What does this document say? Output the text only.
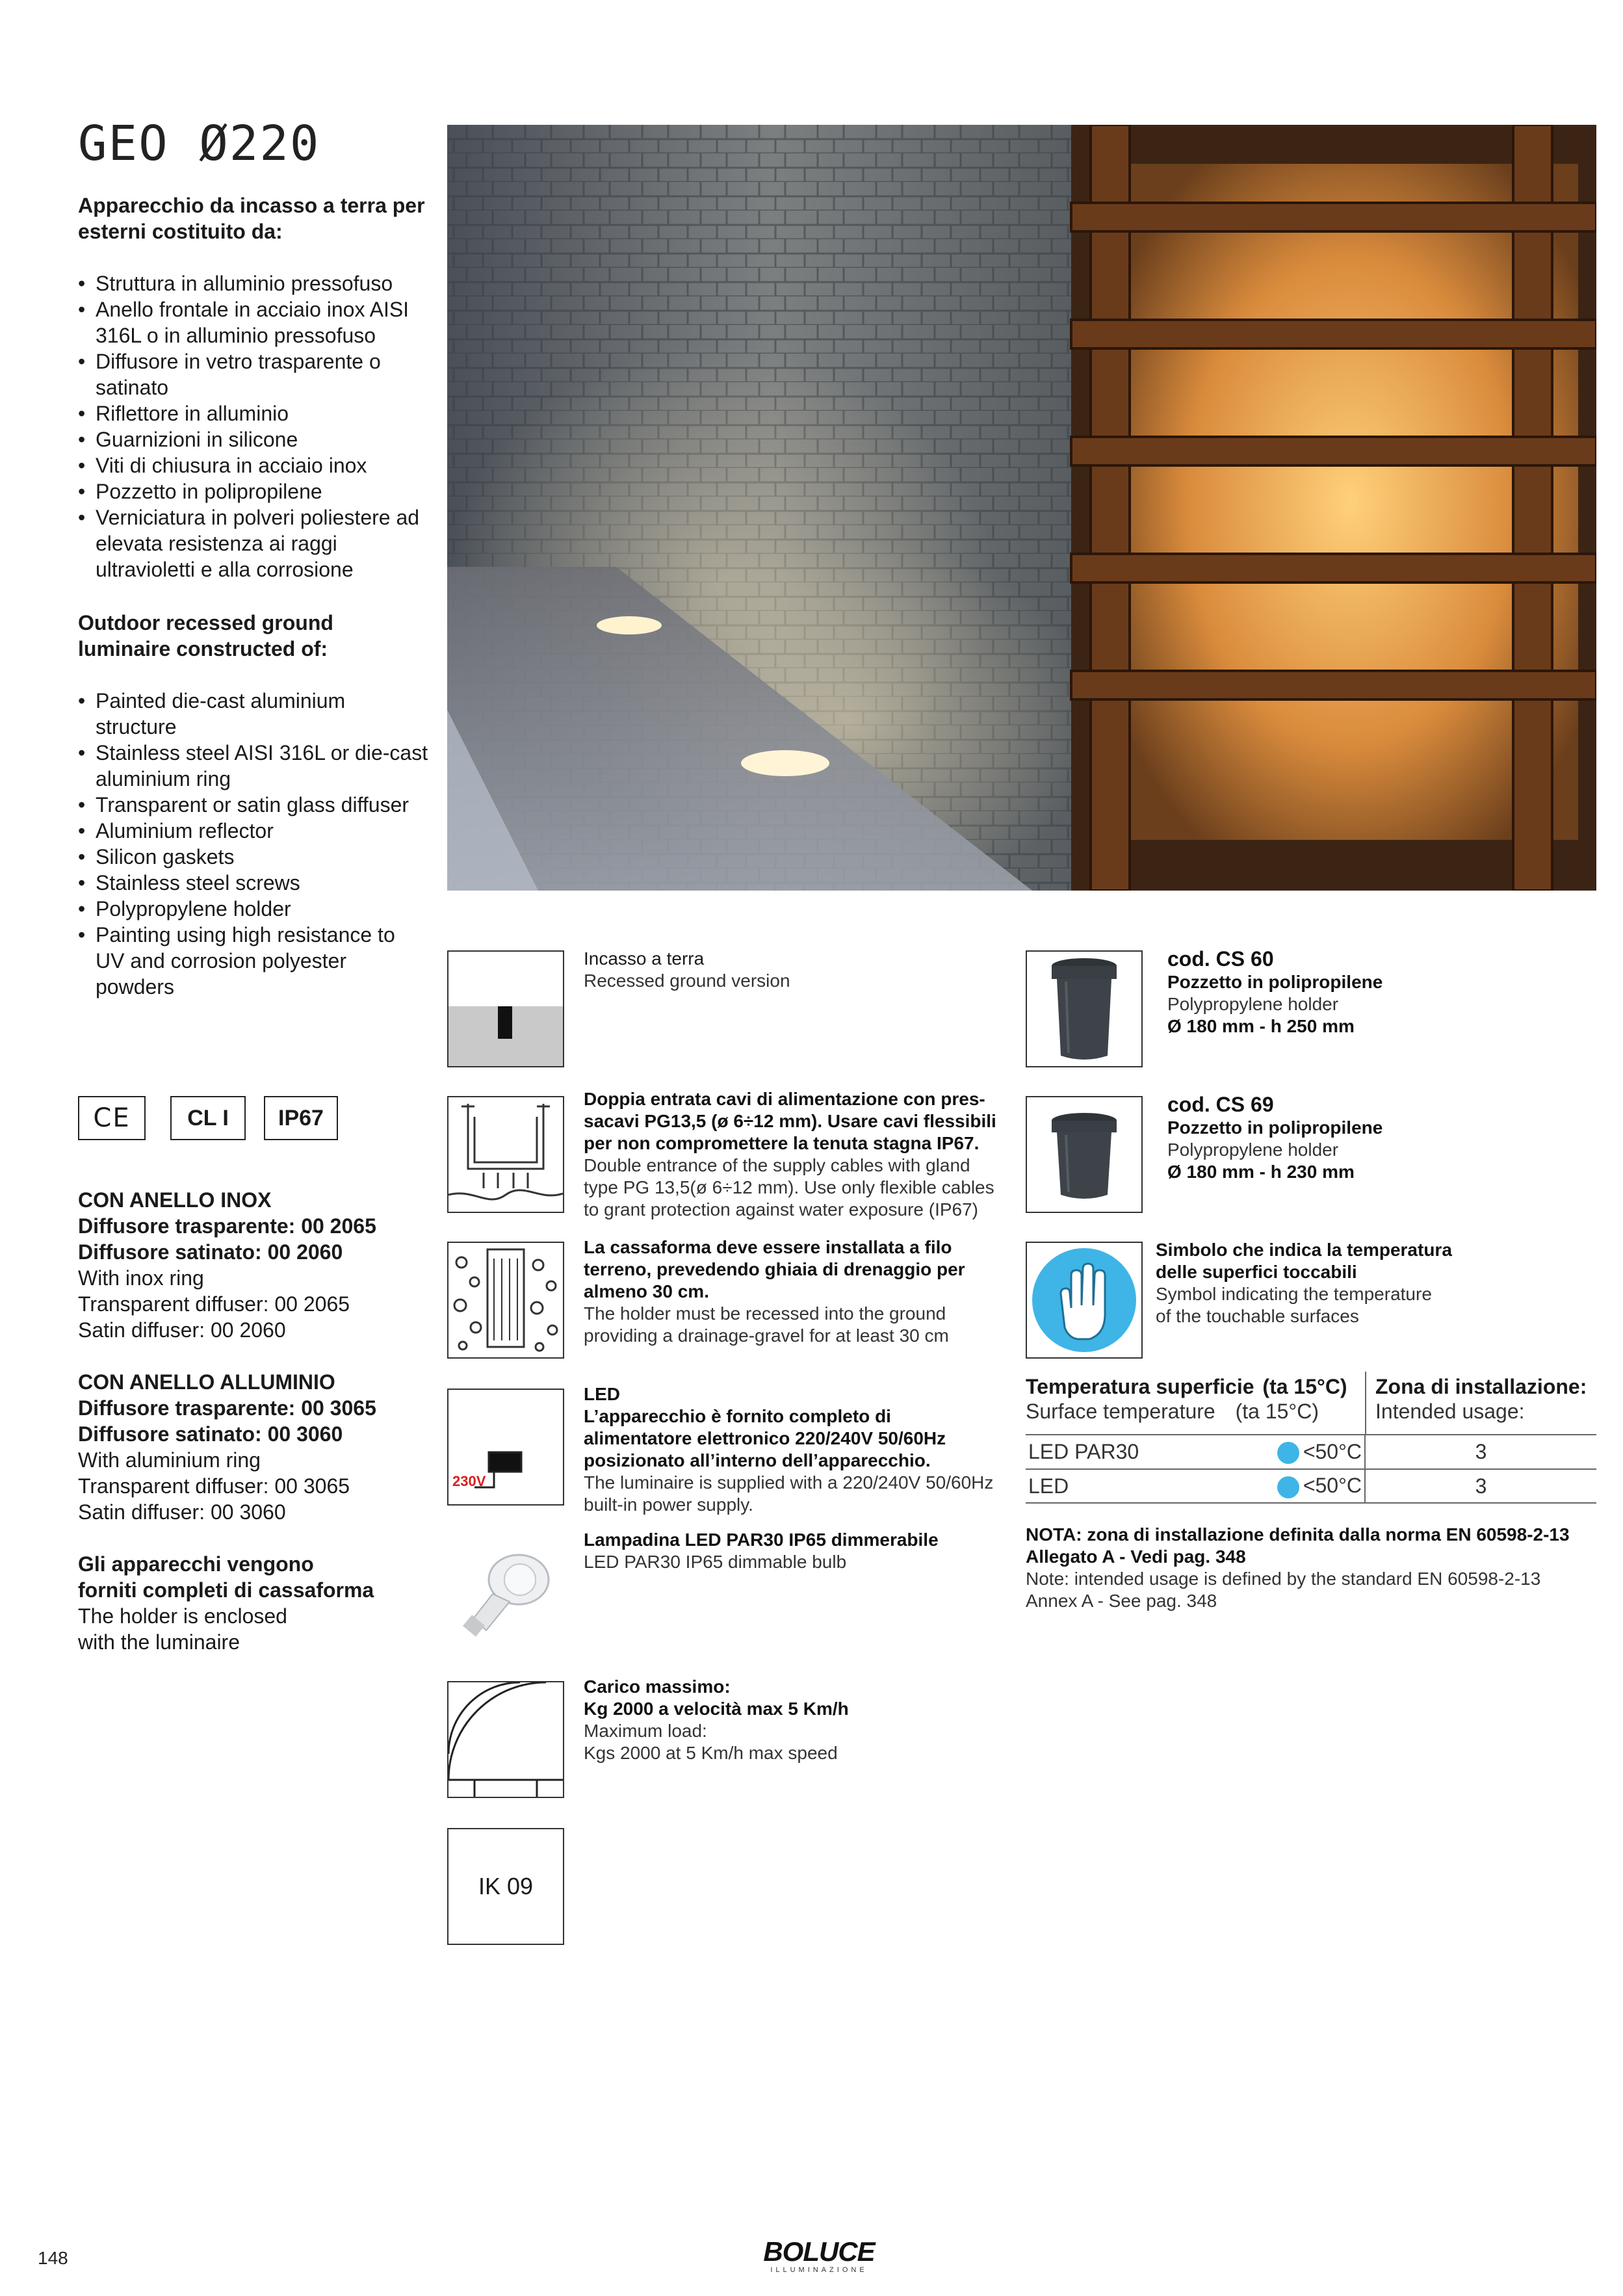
GEO Ø220
Apparecchio da incasso a terra per esterni costituito da:
• Struttura in alluminio pressofuso
• Anello frontale in acciaio inox AISI 316L o in alluminio pressofuso
• Diffusore in vetro trasparente o satinato
• Riflettore in alluminio
• Guarnizioni in silicone
• Viti di chiusura in acciaio inox
• Pozzetto in polipropilene
• Verniciatura in polveri poliestere ad elevata resistenza ai raggi ultravioletti e alla corrosione
Outdoor recessed ground luminaire constructed of:
• Painted die-cast aluminium structure
• Stainless steel AISI 316L or die-cast aluminium ring
• Transparent or satin glass diffuser
• Aluminium reflector
• Silicon gaskets
• Stainless steel screws
• Polypropylene holder
• Painting using high resistance to UV and corrosion polyester powders
CE	CL I	IP67
CON ANELLO INOX
Diffusore trasparente: 00 2065
Diffusore satinato: 00 2060
With inox ring
Transparent diffuser: 00 2065
Satin diffuser: 00 2060
CON ANELLO ALLUMINIO
Diffusore trasparente: 00 3065
Diffusore satinato: 00 3060
With aluminium ring
Transparent diffuser: 00 3065
Satin diffuser: 00 3060
Gli apparecchi vengono
forniti completi di cassaforma
The holder is enclosed
with the luminaire
Incasso a terra
Recessed ground version
Doppia entrata cavi di alimentazione con pres-
sacavi PG13,5 (ø 6÷12 mm). Usare cavi flessibili
per non compromettere la tenuta stagna IP67.
Double entrance of the supply cables with gland
type PG 13,5(ø 6÷12 mm). Use only flexible cables
to grant protection against water exposure (IP67)
La cassaforma deve essere installata a filo
terreno, prevedendo ghiaia di drenaggio per
almeno 30 cm.
The holder must be recessed into the ground
providing a drainage-gravel for at least 30 cm
230V
LED
L’apparecchio è fornito completo di
alimentatore elettronico 220/240V 50/60Hz
posizionato all’interno dell’apparecchio.
The luminaire is supplied with a 220/240V 50/60Hz
built-in power supply.
Lampadina LED PAR30 IP65 dimmerabile
LED PAR30 IP65 dimmable bulb
Carico massimo:
Kg 2000 a velocità max 5 Km/h
Maximum load:
Kgs 2000 at 5 Km/h max speed
IK 09
cod. CS 60
Pozzetto in polipropilene
Polypropylene holder
Ø 180 mm - h 250 mm
cod. CS 69
Pozzetto in polipropilene
Polypropylene holder
Ø 180 mm - h 230 mm
Simbolo che indica la temperatura
delle superfici toccabili
Symbol indicating the temperature
of the touchable surfaces
Temperatura superficie (ta 15°C)
Surface temperature (ta 15°C)
Zona di installazione:
Intended usage:
LED PAR30	<50°C	3
LED	<50°C	3
NOTA: zona di installazione definita dalla norma EN 60598-2-13
Allegato A - Vedi pag. 348
Note: intended usage is defined by the standard EN 60598-2-13
Annex A - See pag. 348
148	BOLUCE
ILLUMINAZIONE
